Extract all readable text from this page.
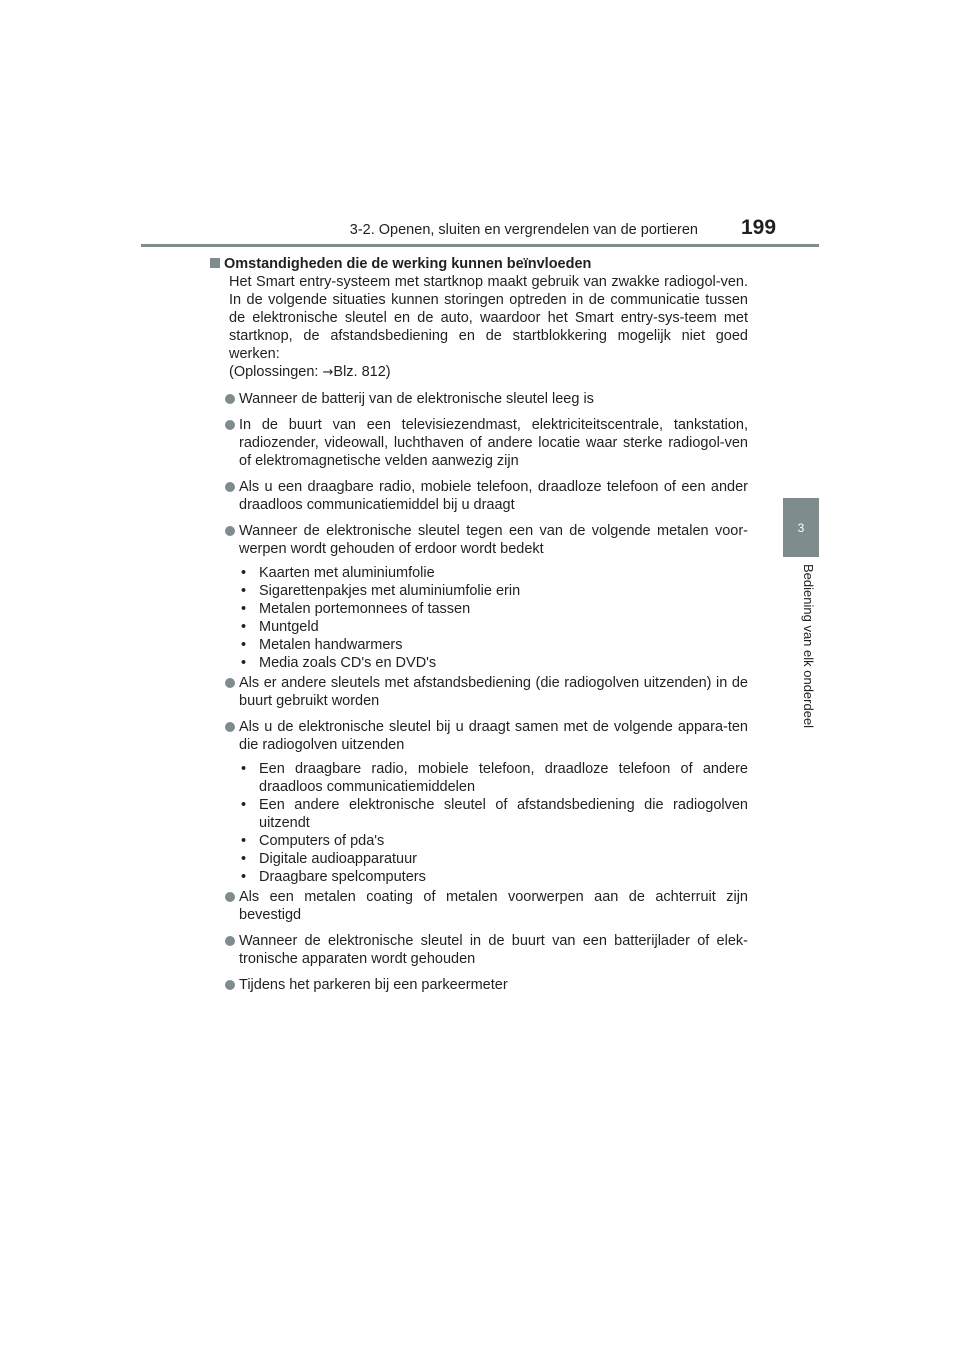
3-2. Openen, sluiten en vergrendelen van de portieren 199
3
Bediening van elk onderdeel

Omstandigheden die de werking kunnen beïnvloeden

Het Smart entry-systeem met startknop maakt gebruik van zwakke radiogol-ven. In de volgende situaties kunnen storingen optreden in de communicatie tussen de elektronische sleutel en de auto, waardoor het Smart entry-sys-teem met startknop, de afstandsbediening en de startblokkering mogelijk niet goed werken:

(Oplossingen: →Blz. 812)

Wanneer de batterij van de elektronische sleutel leeg is
In de buurt van een televisiezendmast, elektriciteitscentrale, tankstation, radiozender, videowall, luchthaven of andere locatie waar sterke radiogol-ven of elektromagnetische velden aanwezig zijn
Als u een draagbare radio, mobiele telefoon, draadloze telefoon of een ander draadloos communicatiemiddel bij u draagt
Wanneer de elektronische sleutel tegen een van de volgende metalen voor-werpen wordt gehouden of erdoor wordt bedekt
• Kaarten met aluminiumfolie
• Sigarettenpakjes met aluminiumfolie erin
• Metalen portemonnees of tassen
• Muntgeld
• Metalen handwarmers
• Media zoals CD's en DVD's
Als er andere sleutels met afstandsbediening (die radiogolven uitzenden) in de buurt gebruikt worden
Als u de elektronische sleutel bij u draagt samen met de volgende appara-ten die radiogolven uitzenden
• Een draagbare radio, mobiele telefoon, draadloze telefoon of andere draadloos communicatiemiddelen
• Een andere elektronische sleutel of afstandsbediening die radiogolven uitzendt
• Computers of pda's
• Digitale audioapparatuur
• Draagbare spelcomputers
Als een metalen coating of metalen voorwerpen aan de achterruit zijn bevestigd
Wanneer de elektronische sleutel in de buurt van een batterijlader of elek-tronische apparaten wordt gehouden
Tijdens het parkeren bij een parkeermeter
